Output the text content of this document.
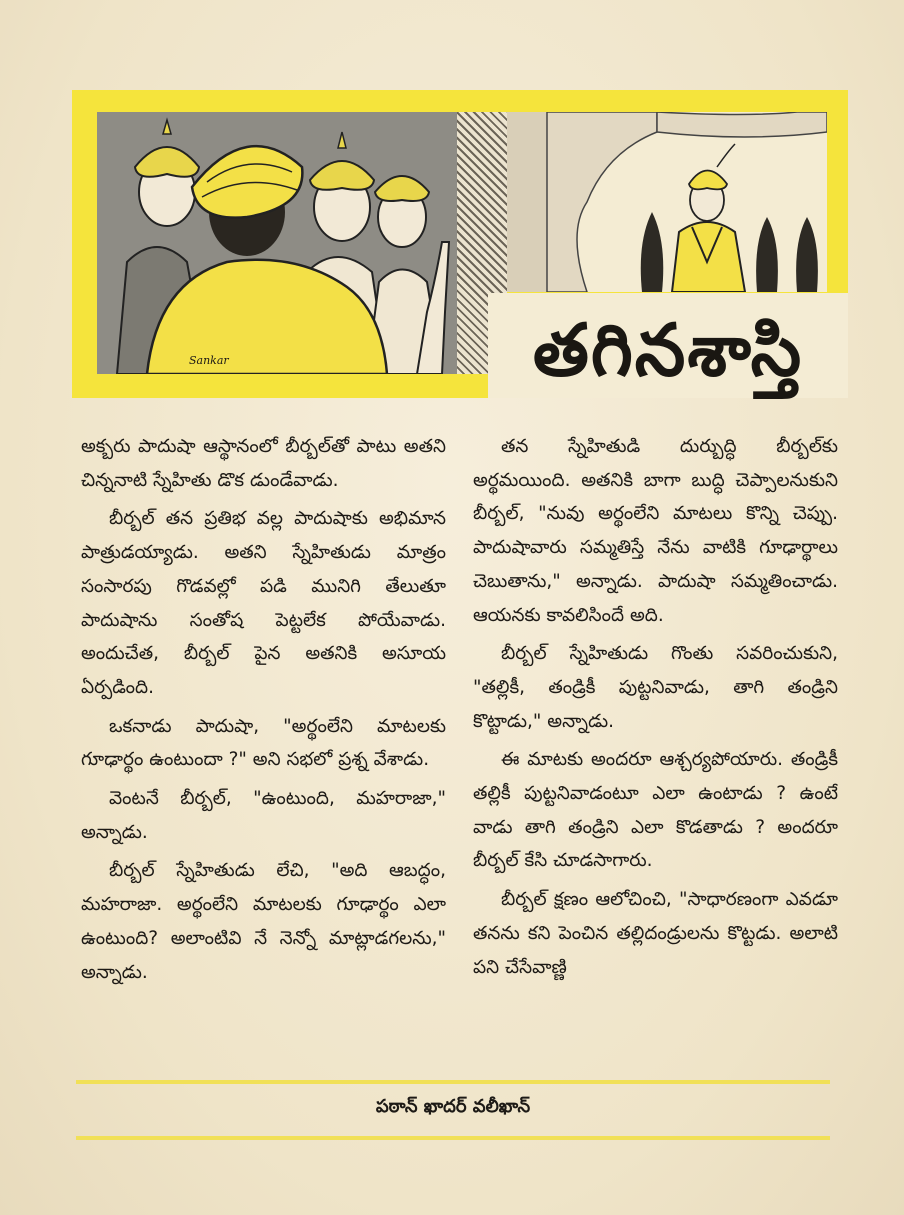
Sankar	తగినశాస్తి

అక్బరు పాదుషా ఆస్థానంలో బీర్బల్‌తో పాటు అతని చిన్ననాటి స్నేహితు డొక డుండేవాడు.

బీర్బల్ తన ప్రతిభ వల్ల పాదుషాకు అభిమాన పాత్రుడయ్యాడు. అతని స్నేహితుడు మాత్రం సంసారపు గొడవల్లో పడి మునిగి తేలుతూ పాదుషాను సంతోష పెట్టలేక పోయేవాడు. అందుచేత, బీర్బల్ పైన అతనికి అసూయ ఏర్పడింది.

ఒకనాడు పాదుషా, "అర్థంలేని మాటలకు గూఢార్థం ఉంటుందా ?" అని సభలో ప్రశ్న వేశాడు.

వెంటనే బీర్బల్, "ఉంటుంది, మహరాజా," అన్నాడు.

బీర్బల్ స్నేహితుడు లేచి, "అది ఆబద్ధం, మహరాజా. అర్థంలేని మాటలకు గూఢార్థం ఎలా ఉంటుంది? అలాంటివి నే నెన్నో మాట్లాడగలను," అన్నాడు.

తన స్నేహితుడి దుర్బుద్ధి బీర్బల్‌కు అర్థమయింది. అతనికి బాగా బుద్ధి చెప్పాలనుకుని బీర్బల్, "నువు అర్థంలేని మాటలు కొన్ని చెప్పు. పాదుషావారు సమ్మతిస్తే నేను వాటికి గూఢార్థాలు చెబుతాను," అన్నాడు. పాదుషా సమ్మతించాడు. ఆయనకు కావలిసిందే అది.

బీర్బల్ స్నేహితుడు గొంతు సవరించుకుని, "తల్లికీ, తండ్రికీ పుట్టనివాడు, తాగి తండ్రిని కొట్టాడు," అన్నాడు.

ఈ మాటకు అందరూ ఆశ్చర్యపోయారు. తండ్రికీ తల్లికీ పుట్టనివాడంటూ ఎలా ఉంటాడు ? ఉంటే వాడు తాగి తండ్రిని ఎలా కొడతాడు ? అందరూ బీర్బల్ కేసి చూడసాగారు.

బీర్బల్ క్షణం ఆలోచించి, "సాధారణంగా ఎవడూ తనను కని పెంచిన తల్లిదండ్రులను కొట్టడు. అలాటి పని చేసేవాణ్ణి

పఠాన్ ఖాదర్ వలీఖాన్
